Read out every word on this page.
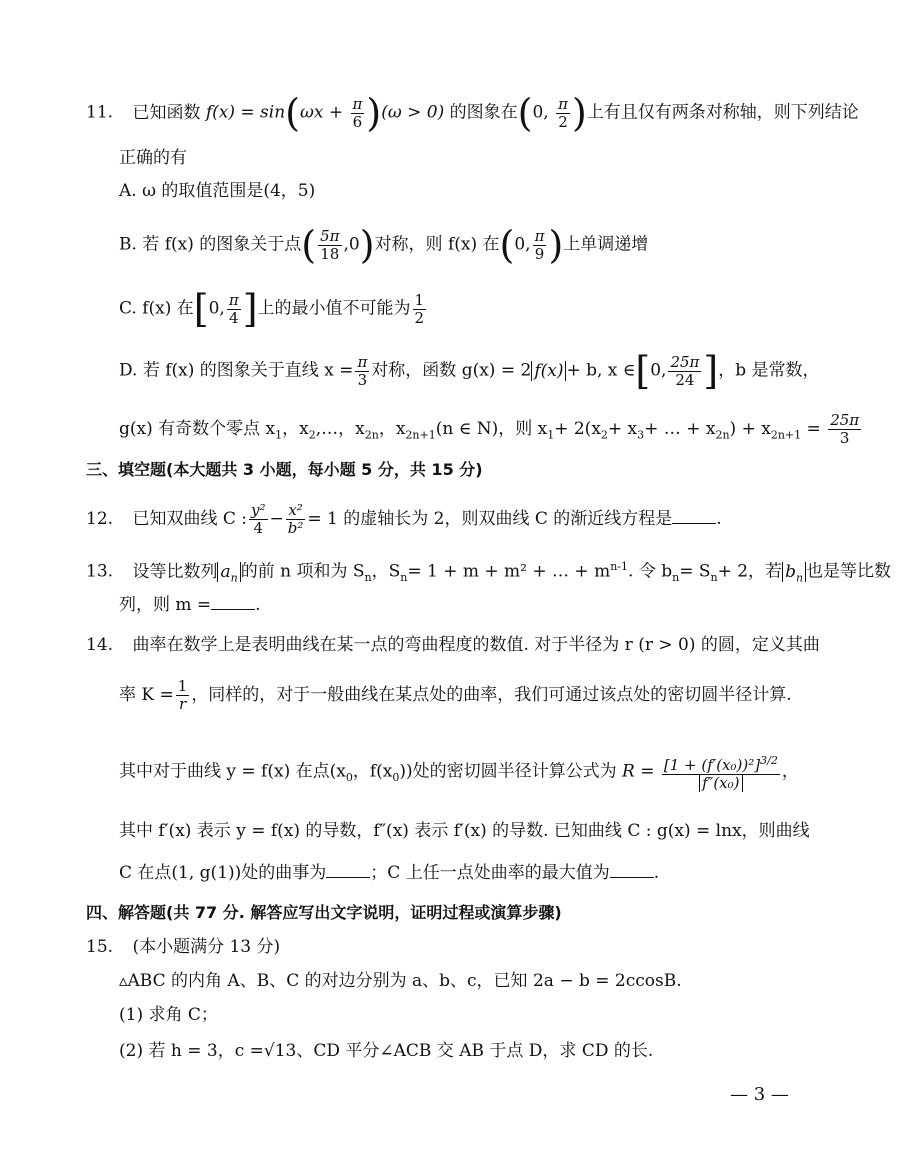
11. 已知函数 $f(x) = \sin(\omega x + \frac{\pi}{6} )(\omega > 0)$ 的图象在(0, $\frac{\pi}{2}$ )上有且仅有两条对称轴，则下列结论
正确的有
A. ω 的取值范围是(4，5)
B. 若 f(x) 的图象关于点( $\frac{5\pi}{18} ,0$)对称，则 f(x) 在(0, $\frac{\pi}{9}$ )上单调递增
C. f(x) 在[0, $\frac{\pi}{4}$ ]上的最小值不可能为 $\frac{1}{2}$
D. 若 f(x) 的图象关于直线 $x = \frac{\pi}{3}$ 对称，函数 g(x) = 2 f(x) + b, x ∈[0, $\frac{25\pi}{24}$ ]，b 是常数，
g(x) 有奇数个零点 $x_1$，$x_2,\dots$，$x_{2n}$，$x_{2n+1}(n$ ∈ N)，则 $x_1+ 2(x_2+ x_3+$ … + $x_{2n}) + x_{2n+1} = \frac{25\pi}{3}$
三、填空题(本大题共 3 小题，每小题 5 分，共 15 分)
12. 已知双曲线 C : $\frac{\text{y²}}{4} - \frac{\text{x²}}{\text{b²}} = 1$ 的虚轴长为 2，则双曲线 C 的渐近线方程是	.
13. 设等比数列 $a_n$ 的前 n 项和为 $S_n$，$S_n= 1 + m + m^2$ + … + $m^{n-1}$. 令 $b_n= S_n+ 2$，若 $b_n$ 也是等比数
列，则 m =	.
14. 曲率在数学上是表明曲线在某一点的弯曲程度的数值. 对于半径为 r (r > 0) 的圆，定义其曲
率 $K = \frac{1}{r}$ ，同样的，对于一般曲线在某点处的曲率，我们可通过该点处的密切圆半径计算.
其中对于曲线 y = f(x) 在点($x_0$，$f(x_0)$)处的密切圆半径计算公式为 $R = \frac{[1 + (f'(x_0))^2]^{3/2}}{\text{f″(x₀)}}$ ，
其中 f′(x) 表示 y = f(x) 的导数，f″(x) 表示 f′(x) 的导数. 已知曲线 C : g(x) = lnx，则曲线
C 在点(1, g(1))处的曲事为	；C 上任一点处曲率的最大值为	.
四、解答题(共 77 分. 解答应写出文字说明，证明过程或演算步骤)
15. (本小题满分 13 分)
▵ABC 的内角 A、B、C 的对边分别为 a、b、c，已知 2a − b = 2ccosB.
(1) 求角 C；
(2) 若 h = 3，c =√13、CD 平分∠ACB 交 AB 于点 D，求 CD 的长.
— 3 —
